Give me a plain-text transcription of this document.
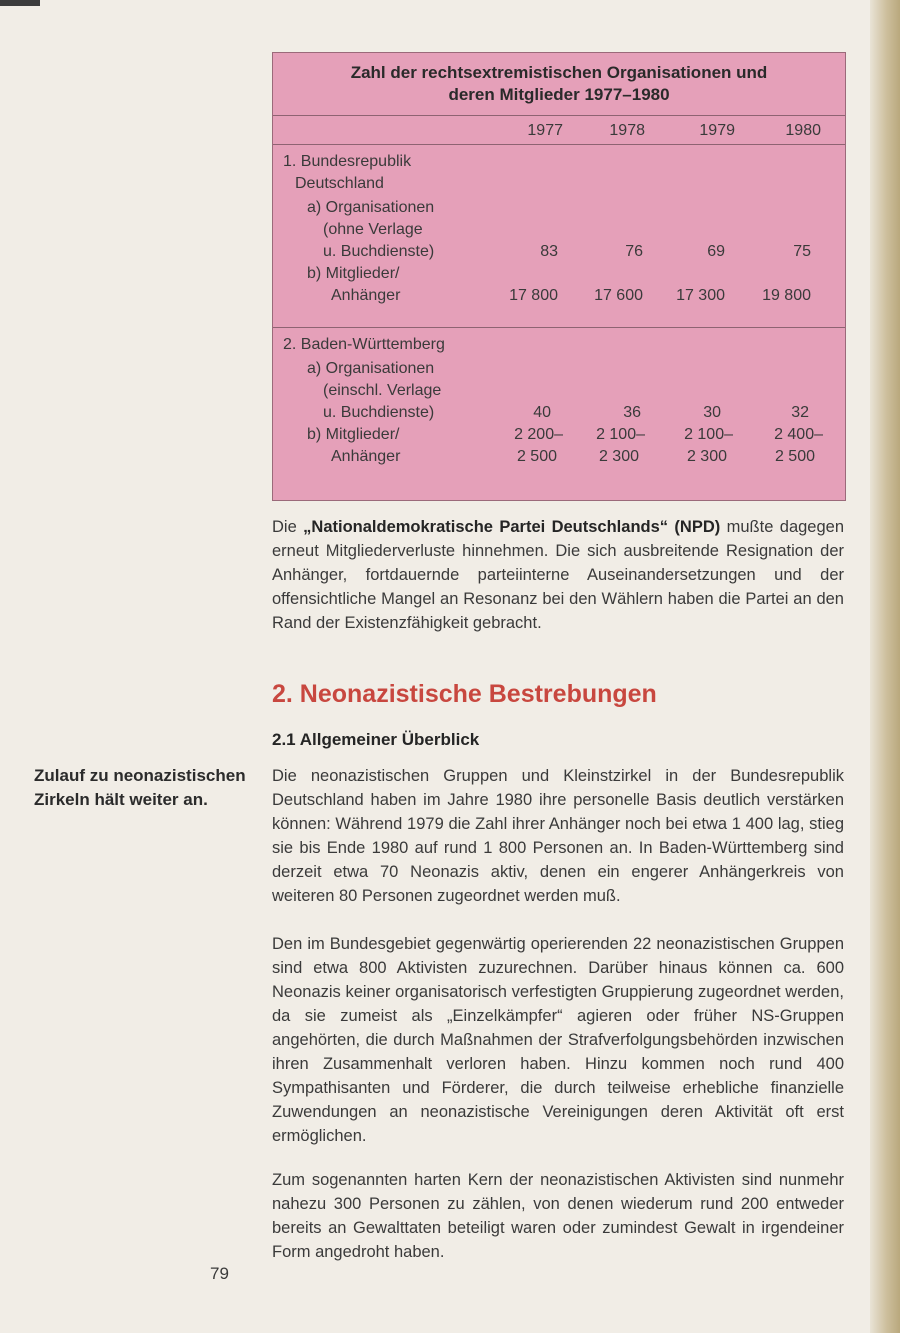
Zahl der rechtsextremistischen Organisationen und
deren Mitglieder 1977–1980
1977	1978	1979	1980
1. Bundesrepublik
Deutschland
a) Organisationen
(ohne Verlage
u. Buchdienste)	83	76	69	75
b) Mitglieder/
Anhänger	17 800	17 600	17 300	19 800
2. Baden-Württemberg
a) Organisationen
(einschl. Verlage
u. Buchdienste)	40	36	30	32
b) Mitglieder/
Anhänger
2 200–	2 100–	2 100–	2 400–
2 500	2 300	2 300	2 500
Die „Nationaldemokratische Partei Deutschlands“ (NPD) mußte dagegen erneut Mitgliederverluste hinnehmen. Die sich ausbreitende Resignation der Anhänger, fortdauernde parteiinterne Auseinandersetzungen und der offensichtliche Mangel an Resonanz bei den Wählern haben die Partei an den Rand der Existenzfähigkeit gebracht.
2. Neonazistische Bestrebungen
2.1 Allgemeiner Überblick
Zulauf zu neonazistischen Zirkeln hält weiter an.
Die neonazistischen Gruppen und Kleinstzirkel in der Bundesrepublik Deutschland haben im Jahre 1980 ihre personelle Basis deutlich verstärken können: Während 1979 die Zahl ihrer Anhänger noch bei etwa 1 400 lag, stieg sie bis Ende 1980 auf rund 1 800 Personen an. In Baden-Württemberg sind derzeit etwa 70 Neonazis aktiv, denen ein engerer Anhängerkreis von weiteren 80 Personen zugeordnet werden muß.
Den im Bundesgebiet gegenwärtig operierenden 22 neonazistischen Gruppen sind etwa 800 Aktivisten zuzurechnen. Darüber hinaus können ca. 600 Neonazis keiner organisatorisch verfestigten Gruppierung zugeordnet werden, da sie zumeist als „Einzelkämpfer“ agieren oder früher NS-Gruppen angehörten, die durch Maßnahmen der Strafverfolgungsbehörden inzwischen ihren Zusammenhalt verloren haben. Hinzu kommen noch rund 400 Sympathisanten und Förderer, die durch teilweise erhebliche finanzielle Zuwendungen an neonazistische Vereinigungen deren Aktivität oft erst ermöglichen.
Zum sogenannten harten Kern der neonazistischen Aktivisten sind nunmehr nahezu 300 Personen zu zählen, von denen wiederum rund 200 entweder bereits an Gewalttaten beteiligt waren oder zumindest Gewalt in irgendeiner Form angedroht haben.
79
